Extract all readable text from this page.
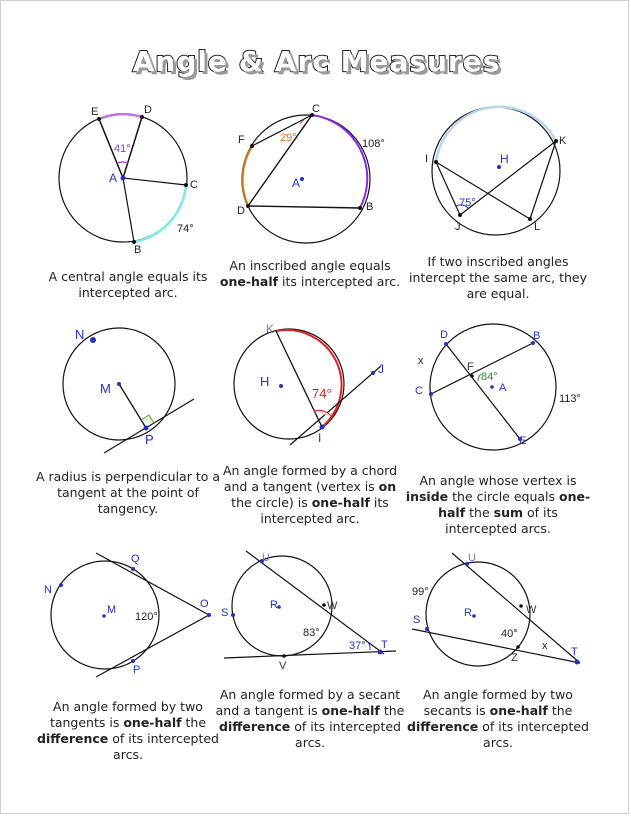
Angle & Arc Measures
E	D
A	C
B
41°
74°
A central angle equals its intercepted arc.
C
F
A
D	B
29°	108°
An inscribed angle equals one-half its intercepted arc.
K
I	H
J	L
75°
If two inscribed angles intercept the same arc, they are equal.
N
M
P
A radius is perpendicular to a tangent at the point of tangency.
K
H
I
J
74°
An angle formed by a chord and a tangent (vertex is on the circle) is one-half its intercepted arc.
D	B
F
A
C
E
84°
113°
x
An angle whose vertex is inside the circle equals one-half the sum of its intercepted arcs.
Q
N
M	O
P
120°
An angle formed by two tangents is one-half the difference of its intercepted arcs.
U
S
R	W
T
V
83°
37°
An angle formed by a secant and a tangent is one-half the difference of its intercepted arcs.
U
S
R	W
Z	T
99°
40°
x
An angle formed by two secants is one-half the difference of its intercepted arcs.
